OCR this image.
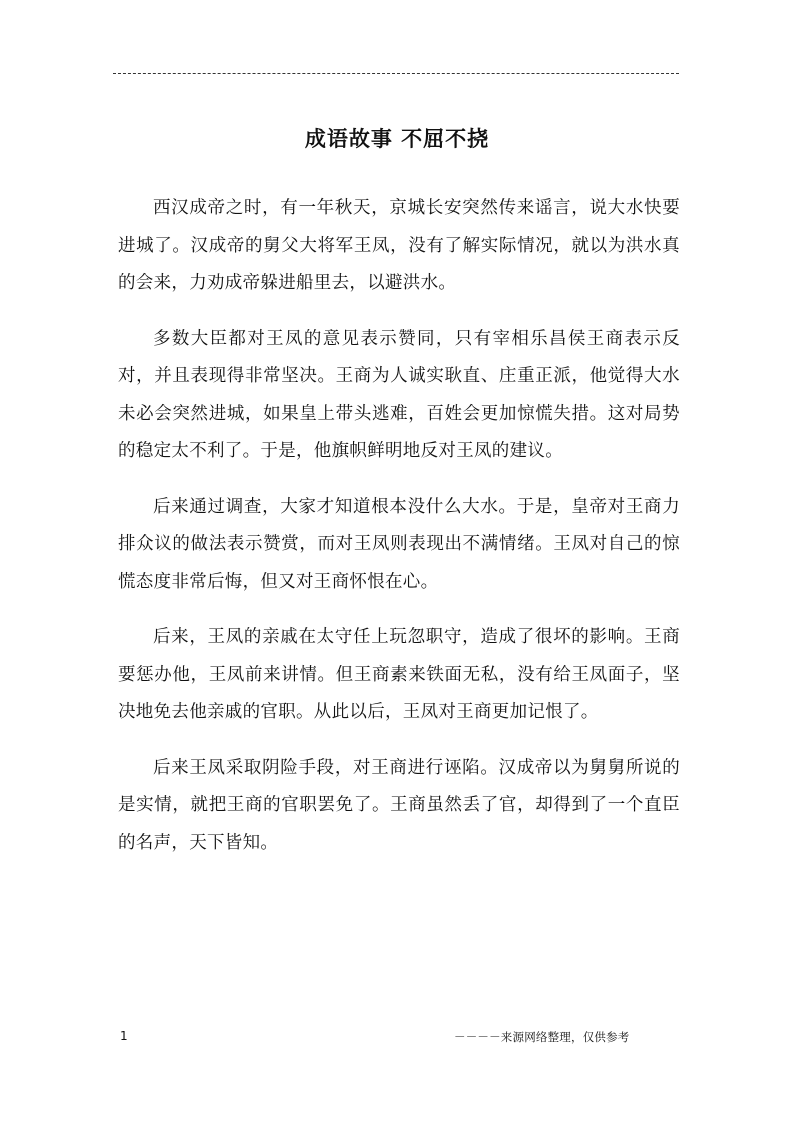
成语故事 不屈不挠

西汉成帝之时，有一年秋天，京城长安突然传来谣言，说大水快要进城了。汉成帝的舅父大将军王凤，没有了解实际情况，就以为洪水真的会来，力劝成帝躲进船里去，以避洪水。

多数大臣都对王凤的意见表示赞同，只有宰相乐昌侯王商表示反对，并且表现得非常坚决。王商为人诚实耿直、庄重正派，他觉得大水未必会突然进城，如果皇上带头逃难，百姓会更加惊慌失措。这对局势的稳定太不利了。于是，他旗帜鲜明地反对王凤的建议。

后来通过调查，大家才知道根本没什么大水。于是，皇帝对王商力排众议的做法表示赞赏，而对王凤则表现出不满情绪。王凤对自己的惊慌态度非常后悔，但又对王商怀恨在心。

后来，王凤的亲戚在太守任上玩忽职守，造成了很坏的影响。王商要惩办他，王凤前来讲情。但王商素来铁面无私，没有给王凤面子，坚决地免去他亲戚的官职。从此以后，王凤对王商更加记恨了。

后来王凤采取阴险手段，对王商进行诬陷。汉成帝以为舅舅所说的是实情，就把王商的官职罢免了。王商虽然丢了官，却得到了一个直臣的名声，天下皆知。

1	－－－－来源网络整理，仅供参考
